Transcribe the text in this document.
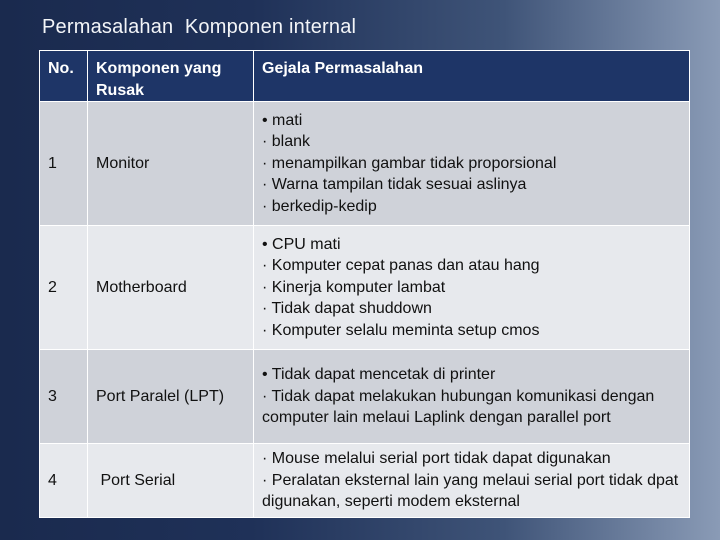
Permasalahan  Komponen internal
No.	Komponen yang Rusak	Gejala Permasalahan
1	Monitor	• mati
· blank
· menampilkan gambar tidak proporsional
· Warna tampilan tidak sesuai aslinya
· berkedip-kedip

2	Motherboard	• CPU mati
· Komputer cepat panas dan atau hang
· Kinerja komputer lambat
· Tidak dapat shuddown
· Komputer selalu meminta setup cmos

3	Port Paralel (LPT)	• Tidak dapat mencetak di printer
· Tidak dapat melakukan hubungan komunikasi dengan computer lain melaui Laplink dengan parallel port

4	Port Serial	· Mouse melalui serial port tidak dapat digunakan
· Peralatan eksternal lain yang melaui serial port tidak dpat digunakan, seperti modem eksternal
